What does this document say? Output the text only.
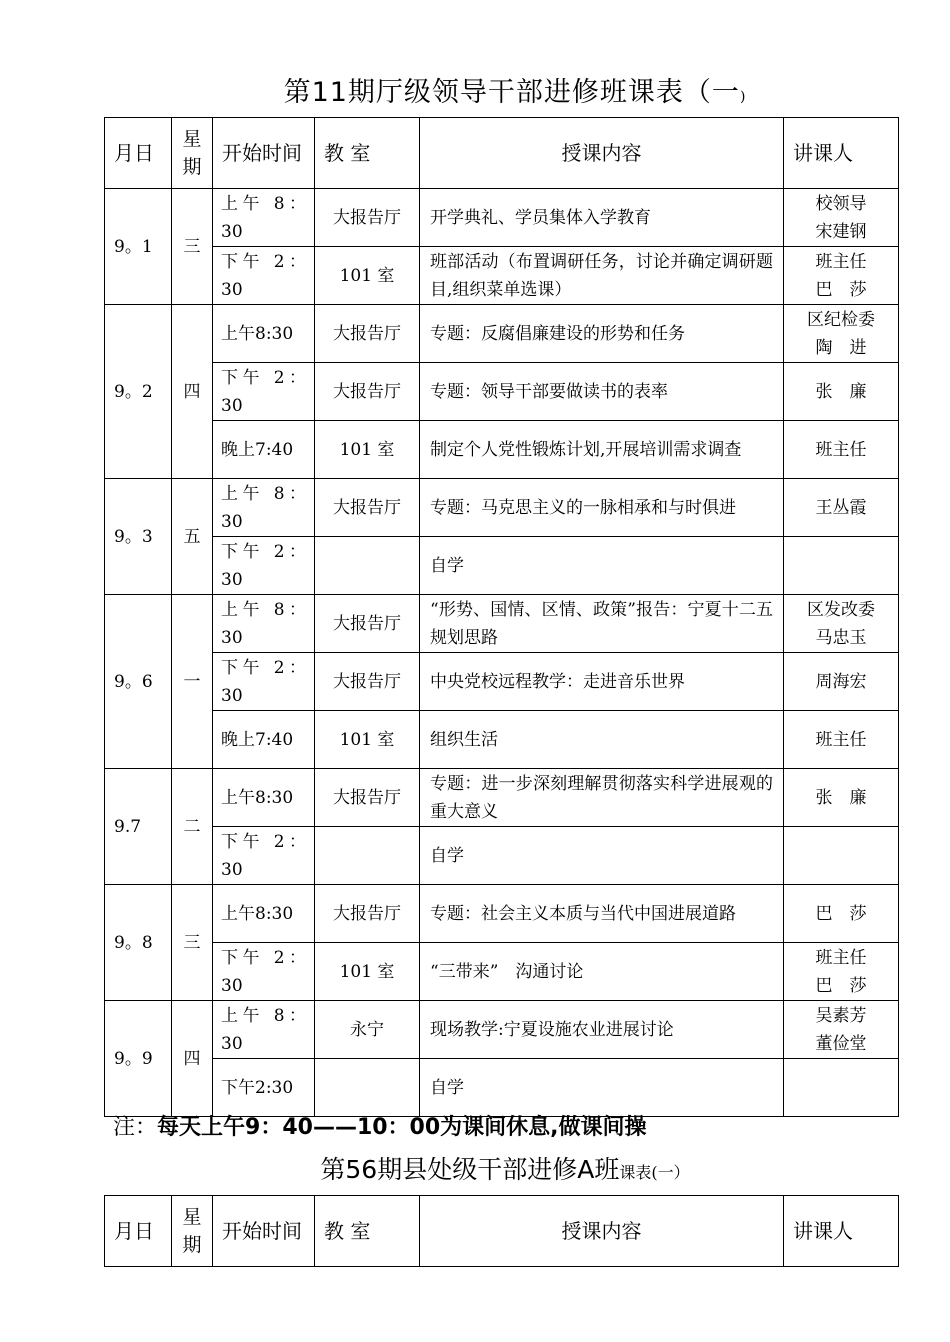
第11期厅级领导干部进修班课表（一)
月日	星期	开始时间	教 室	授课内容	讲课人
9。1	三	上午 8：30	大报告厅	开学典礼、学员集体入学教育	校领导
宋建钢
		下午 2：30	101 室	班部活动（布置调研任务，讨论并确定调研题目,组织菜单选课）	班主任
巴　莎
9。2	四	上午8:30	大报告厅	专题：反腐倡廉建设的形势和任务	区纪检委
陶　进
		下午 2：30	大报告厅	专题：领导干部要做读书的表率	张　廉
		晚上7:40	101 室	制定个人党性锻炼计划,开展培训需求调查	班主任
9。3	五	上午 8：30	大报告厅	专题：马克思主义的一脉相承和与时俱进	王丛霞
		下午 2：30		自学	
9。6	一	上午 8：30	大报告厅	“形势、国情、区情、政策”报告：宁夏十二五规划思路	区发改委
马忠玉
		下午 2：30	大报告厅	中央党校远程教学：走进音乐世界	周海宏
		晚上7:40	101 室	组织生活	班主任
9.7	二	上午8:30	大报告厅	专题：进一步深刻理解贯彻落实科学进展观的重大意义	张　廉
		下午 2：30		自学	
9。8	三	上午8:30	大报告厅	专题：社会主义本质与当代中国进展道路	巴　莎
		下午 2：30	101 室	“三带来”　沟通讨论	班主任
巴　莎
9。9	四	上午 8：30	永宁	现场教学:宁夏设施农业进展讨论	吴素芳
董俭堂
		下午2:30		自学	
注：每天上午9：40——10：00为课间休息,做课间操
第56期县处级干部进修A班课表(一）
月日	星期	开始时间	教 室	授课内容	讲课人
